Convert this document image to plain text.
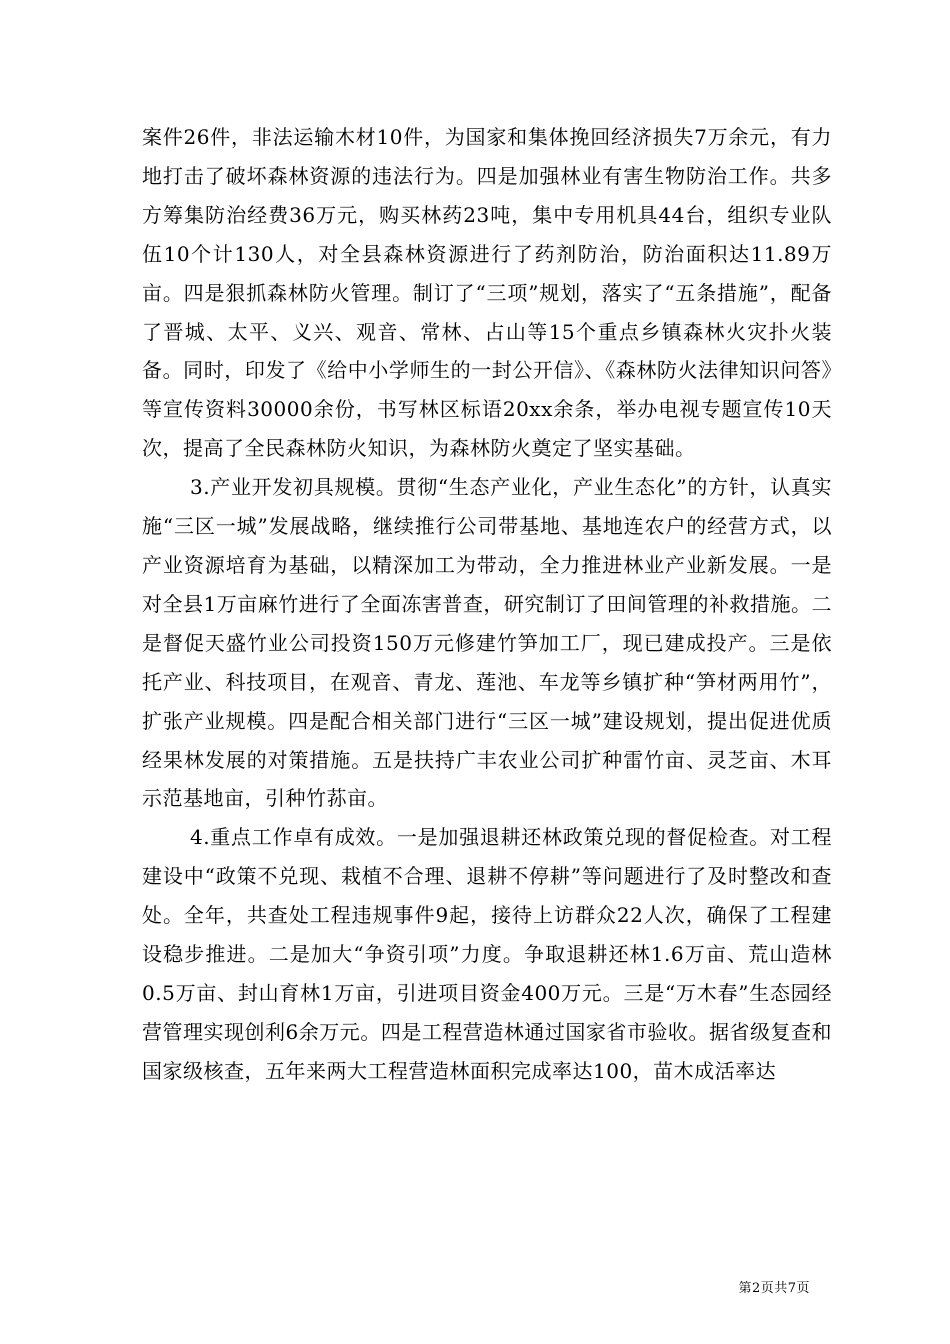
案件26件，非法运输木材10件，为国家和集体挽回经济损失7万余元，有力地打击了破坏森林资源的违法行为。四是加强林业有害生物防治工作。共多方筹集防治经费36万元，购买林药23吨，集中专用机具44台，组织专业队伍10个计130人，对全县森林资源进行了药剂防治，防治面积达11.89万亩。四是狠抓森林防火管理。制订了“三项”规划，落实了“五条措施”，配备了晋城、太平、义兴、观音、常林、占山等15个重点乡镇森林火灾扑火装备。同时，印发了《给中小学师生的一封公开信》、《森林防火法律知识问答》等宣传资料30000余份，书写林区标语20xx余条，举办电视专题宣传10天次，提高了全民森林防火知识，为森林防火奠定了坚实基础。

3.产业开发初具规模。贯彻“生态产业化，产业生态化”的方针，认真实施“三区一城”发展战略，继续推行公司带基地、基地连农户的经营方式，以产业资源培育为基础，以精深加工为带动，全力推进林业产业新发展。一是对全县1万亩麻竹进行了全面冻害普查，研究制订了田间管理的补救措施。二是督促天盛竹业公司投资150万元修建竹笋加工厂，现已建成投产。三是依托产业、科技项目，在观音、青龙、莲池、车龙等乡镇扩种“笋材两用竹”，扩张产业规模。四是配合相关部门进行“三区一城”建设规划，提出促进优质经果林发展的对策措施。五是扶持广丰农业公司扩种雷竹亩、灵芝亩、木耳示范基地亩，引种竹荪亩。

4.重点工作卓有成效。一是加强退耕还林政策兑现的督促检查。对工程建设中“政策不兑现、栽植不合理、退耕不停耕”等问题进行了及时整改和查处。全年，共查处工程违规事件9起，接待上访群众22人次，确保了工程建设稳步推进。二是加大“争资引项”力度。争取退耕还林1.6万亩、荒山造林0.5万亩、封山育林1万亩，引进项目资金400万元。三是“万木春”生态园经营管理实现创利6余万元。四是工程营造林通过国家省市验收。据省级复查和国家级核查，五年来两大工程营造林面积完成率达100，苗木成活率达

第2页共7页
